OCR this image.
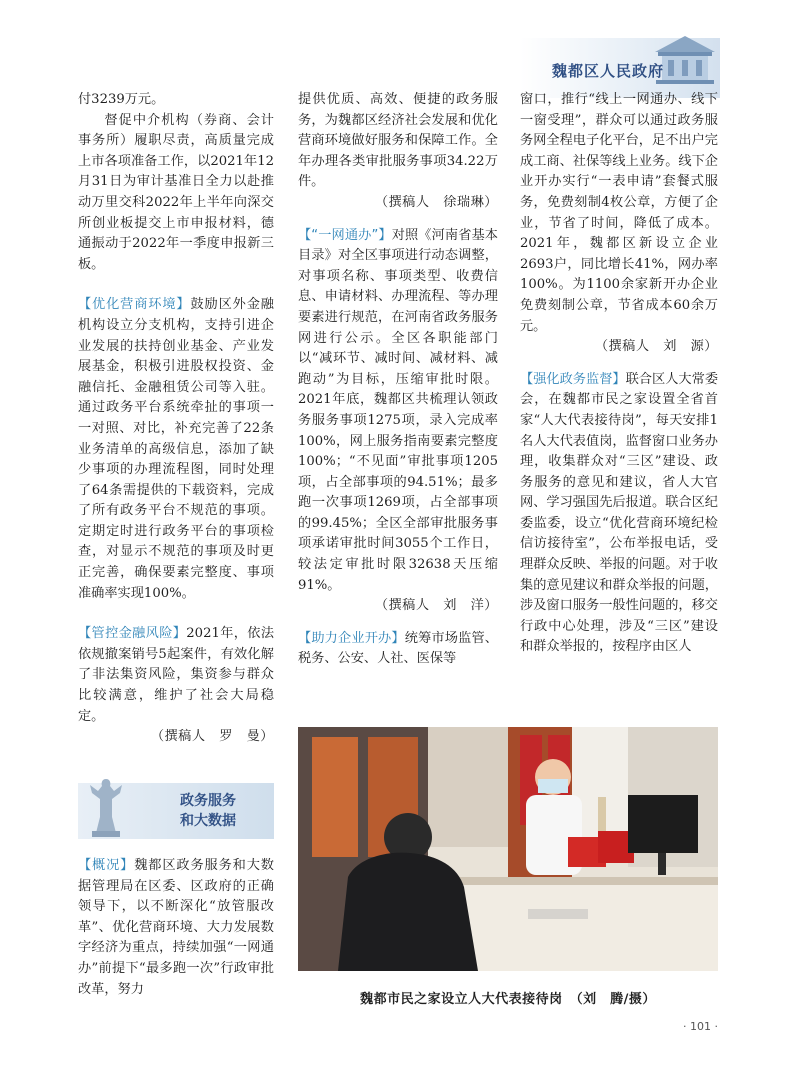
魏都区人民政府

付3239万元。

督促中介机构（券商、会计事务所）履职尽责，高质量完成上市各项准备工作，以2021年12月31日为审计基准日全力以赴推动万里交科2022年上半年向深交所创业板提交上市申报材料，德通振动于2022年一季度申报新三板。

【优化营商环境】鼓励区外金融机构设立分支机构，支持引进企业发展的扶持创业基金、产业发展基金，积极引进股权投资、金融信托、金融租赁公司等入驻。通过政务平台系统牵扯的事项一一对照、对比，补充完善了22条业务清单的高级信息，添加了缺少事项的办理流程图，同时处理了64条需提供的下载资料，完成了所有政务平台不规范的事项。定期定时进行政务平台的事项检查，对显示不规范的事项及时更正完善，确保要素完整度、事项准确率实现100%。

【管控金融风险】2021年，依法依规撤案销号5起案件，有效化解了非法集资风险，集资参与群众比较满意，维护了社会大局稳定。

（撰稿人　罗　曼）

政务服务
和大数据

【概况】魏都区政务服务和大数据管理局在区委、区政府的正确领导下，以不断深化“放管服改革”、优化营商环境、大力发展数字经济为重点，持续加强“一网通办”前提下“最多跑一次”行政审批改革，努力

提供优质、高效、便捷的政务服务，为魏都区经济社会发展和优化营商环境做好服务和保障工作。全年办理各类审批服务事项34.22万件。

（撰稿人　徐瑞琳）

【“一网通办”】对照《河南省基本目录》对全区事项进行动态调整，对事项名称、事项类型、收费信息、申请材料、办理流程、等办理要素进行规范，在河南省政务服务网进行公示。全区各职能部门以“减环节、减时间、减材料、减跑动”为目标，压缩审批时限。2021年底，魏都区共梳理认领政务服务事项1275项，录入完成率100%，网上服务指南要素完整度100%；“不见面”审批事项1205项，占全部事项的94.51%；最多跑一次事项1269项，占全部事项的99.45%；全区全部审批服务事项承诺审批时间3055个工作日，较法定审批时限32638天压缩91%。

（撰稿人　刘　洋）

【助力企业开办】统筹市场监管、税务、公安、人社、医保等

窗口，推行“线上一网通办、线下一窗受理”，群众可以通过政务服务网全程电子化平台，足不出户完成工商、社保等线上业务。线下企业开办实行“一表申请”套餐式服务，免费刻制4枚公章，方便了企业，节省了时间，降低了成本。2021年，魏都区新设立企业2693户，同比增长41%，网办率100%。为1100余家新开办企业免费刻制公章，节省成本60余万元。

（撰稿人　刘　源）

【强化政务监督】联合区人大常委会，在魏都市民之家设置全省首家“人大代表接待岗”，每天安排1名人大代表值岗，监督窗口业务办理，收集群众对“三区”建设、政务服务的意见和建议，省人大官网、学习强国先后报道。联合区纪委监委，设立“优化营商环境纪检信访接待室”，公布举报电话，受理群众反映、举报的问题。对于收集的意见建议和群众举报的问题，涉及窗口服务一般性问题的，移交行政中心处理，涉及“三区”建设和群众举报的，按程序由区人

魏都市民之家设立人大代表接待岗　（刘　腾/摄）
· 101 ·
